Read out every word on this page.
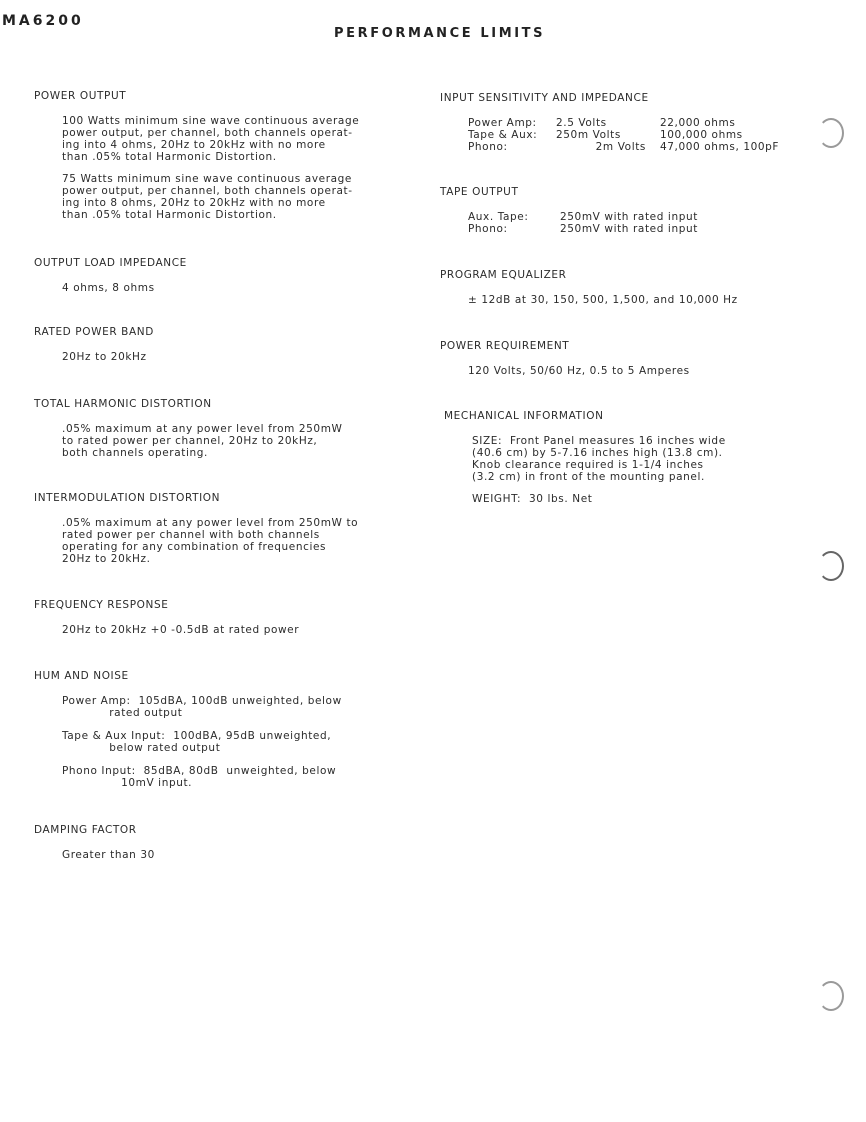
MA6200
PERFORMANCE LIMITS
POWER OUTPUT
100 Watts minimum sine wave continuous average
power output, per channel, both channels operat-
ing into 4 ohms, 20Hz to 20kHz with no more
than .05% total Harmonic Distortion.
75 Watts minimum sine wave continuous average
power output, per channel, both channels operat-
ing into 8 ohms, 20Hz to 20kHz with no more
than .05% total Harmonic Distortion.
OUTPUT LOAD IMPEDANCE
4 ohms, 8 ohms
RATED POWER BAND
20Hz to 20kHz
TOTAL HARMONIC DISTORTION
.05% maximum at any power level from 250mW
to rated power per channel, 20Hz to 20kHz,
both channels operating.
INTERMODULATION DISTORTION
.05% maximum at any power level from 250mW to
rated power per channel with both channels
operating for any combination of frequencies
20Hz to 20kHz.
FREQUENCY RESPONSE
20Hz to 20kHz +0 -0.5dB at rated power
HUM AND NOISE
Power Amp:  105dBA, 100dB unweighted, below
rated output
Tape & Aux Input:  100dBA, 95dB unweighted,
below rated output
Phono Input:  85dBA, 80dB  unweighted, below
10mV input.
DAMPING FACTOR
Greater than 30
INPUT SENSITIVITY AND IMPEDANCE
Power Amp:	2.5 Volts	22,000 ohms
Tape & Aux:	250m Volts	100,000 ohms
Phono:	2m Volts	47,000 ohms, 100pF
TAPE OUTPUT
Aux. Tape:	250mV with rated input
Phono:	250mV with rated input
PROGRAM EQUALIZER
± 12dB at 30, 150, 500, 1,500, and 10,000 Hz
POWER REQUIREMENT
120 Volts, 50/60 Hz, 0.5 to 5 Amperes
MECHANICAL INFORMATION
SIZE:  Front Panel measures 16 inches wide
(40.6 cm) by 5-7.16 inches high (13.8 cm).
Knob clearance required is 1-1/4 inches
(3.2 cm) in front of the mounting panel.
WEIGHT:  30 lbs. Net
